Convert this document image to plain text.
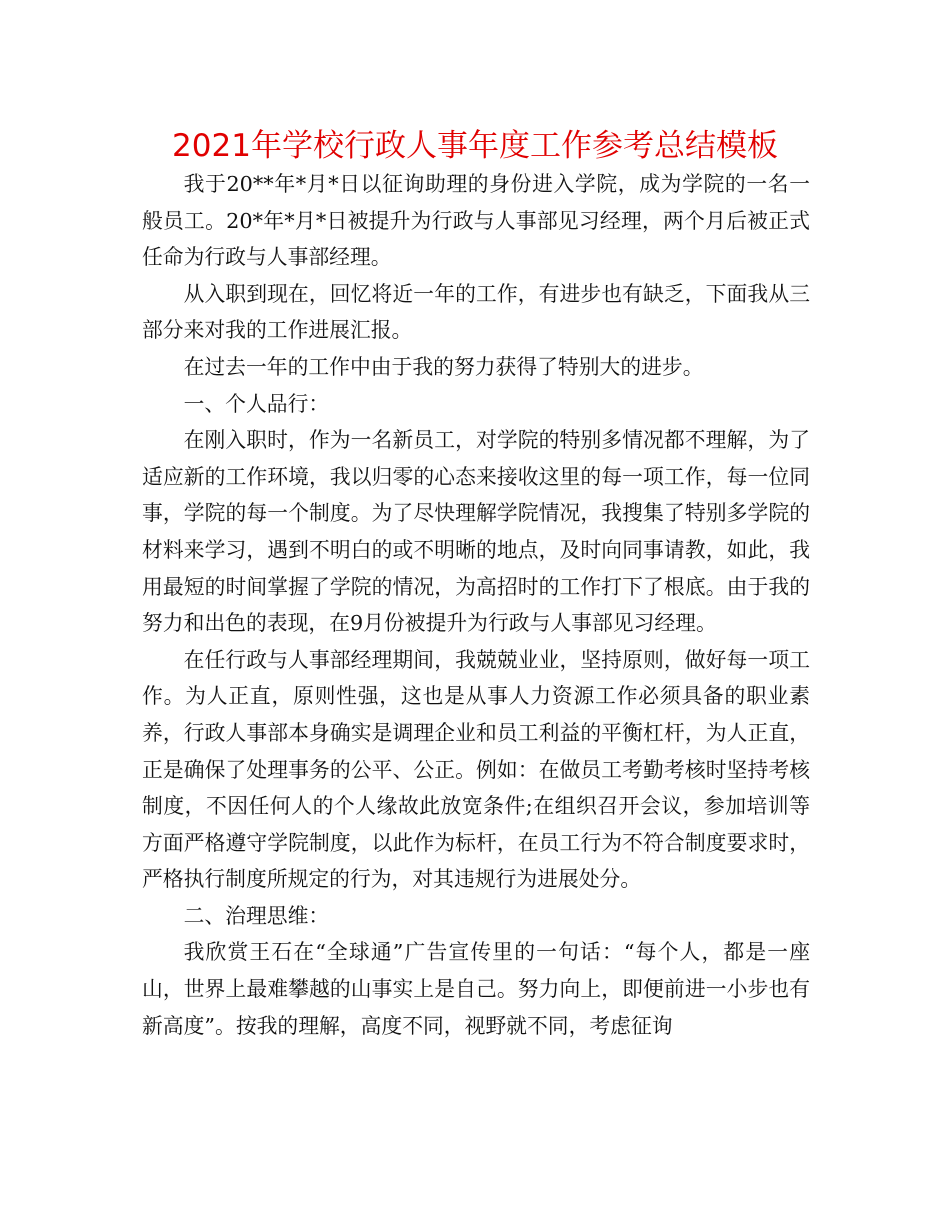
2021年学校行政人事年度工作参考总结模板

我于20**年*月*日以征询助理的身份进入学院，成为学院的一名一般员工。20*年*月*日被提升为行政与人事部见习经理，两个月后被正式任命为行政与人事部经理。

从入职到现在，回忆将近一年的工作，有进步也有缺乏，下面我从三部分来对我的工作进展汇报。

在过去一年的工作中由于我的努力获得了特别大的进步。

一、个人品行：

在刚入职时，作为一名新员工，对学院的特别多情况都不理解，为了适应新的工作环境，我以归零的心态来接收这里的每一项工作，每一位同事，学院的每一个制度。为了尽快理解学院情况，我搜集了特别多学院的材料来学习，遇到不明白的或不明晰的地点，及时向同事请教，如此，我用最短的时间掌握了学院的情况，为高招时的工作打下了根底。由于我的努力和出色的表现，在9月份被提升为行政与人事部见习经理。

在任行政与人事部经理期间，我兢兢业业，坚持原则，做好每一项工作。为人正直，原则性强，这也是从事人力资源工作必须具备的职业素养，行政人事部本身确实是调理企业和员工利益的平衡杠杆，为人正直，正是确保了处理事务的公平、公正。例如：在做员工考勤考核时坚持考核制度，不因任何人的个人缘故此放宽条件;在组织召开会议，参加培训等方面严格遵守学院制度，以此作为标杆，在员工行为不符合制度要求时，严格执行制度所规定的行为，对其违规行为进展处分。

二、治理思维：

我欣赏王石在“全球通”广告宣传里的一句话：“每个人，都是一座山，世界上最难攀越的山事实上是自己。努力向上，即便前进一小步也有新高度”。按我的理解，高度不同，视野就不同，考虑征询
